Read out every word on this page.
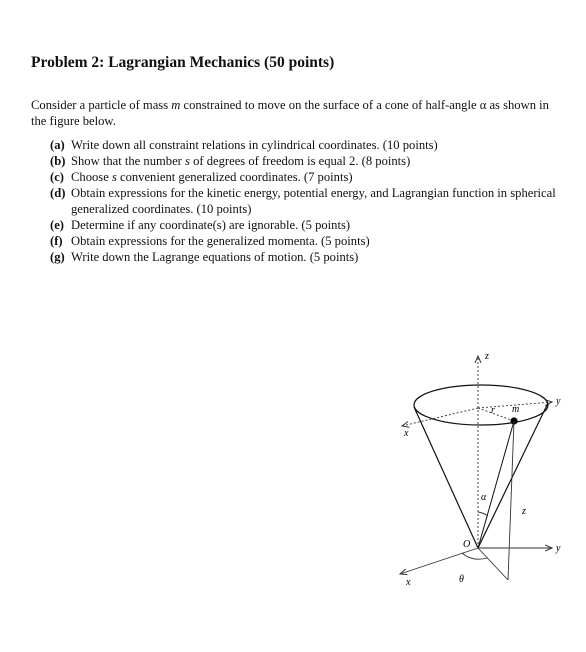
Problem 2: Lagrangian Mechanics (50 points)
Consider a particle of mass m constrained to move on the surface of a cone of half-angle α as shown in the figure below.
(a) Write down all constraint relations in cylindrical coordinates. (10 points)
(b) Show that the number s of degrees of freedom is equal 2. (8 points)
(c) Choose s convenient generalized coordinates. (7 points)
(d) Obtain expressions for the kinetic energy, potential energy, and Lagrangian function in spherical generalized coordinates. (10 points)
(e) Determine if any coordinate(s) are ignorable. (5 points)
(f) Obtain expressions for the generalized momenta. (5 points)
(g) Write down the Lagrange equations of motion. (5 points)
z
y
x
r m
z
α
O	y
x	θ
